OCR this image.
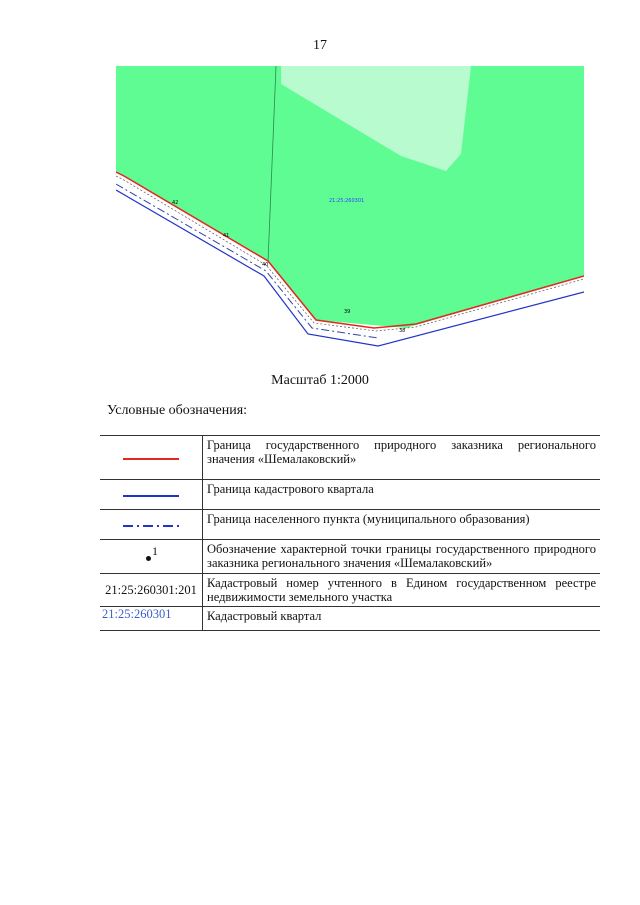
17
21:25:260301
42
41
40
39
38
Масштаб 1:2000
Условные обозначения:
	Граница государственного природного заказника регионального значения «Шемалаковский»
	Граница кадастрового квартала
	Граница населенного пункта (муниципального образования)

1	Обозначение характерной точки границы государственного природного заказника регионального значения «Шемалаковский»
21:25:260301:201	Кадастровый номер учтенного в Едином государственном реестре недвижимости земельного участка
21:25:260301	Кадастровый квартал
